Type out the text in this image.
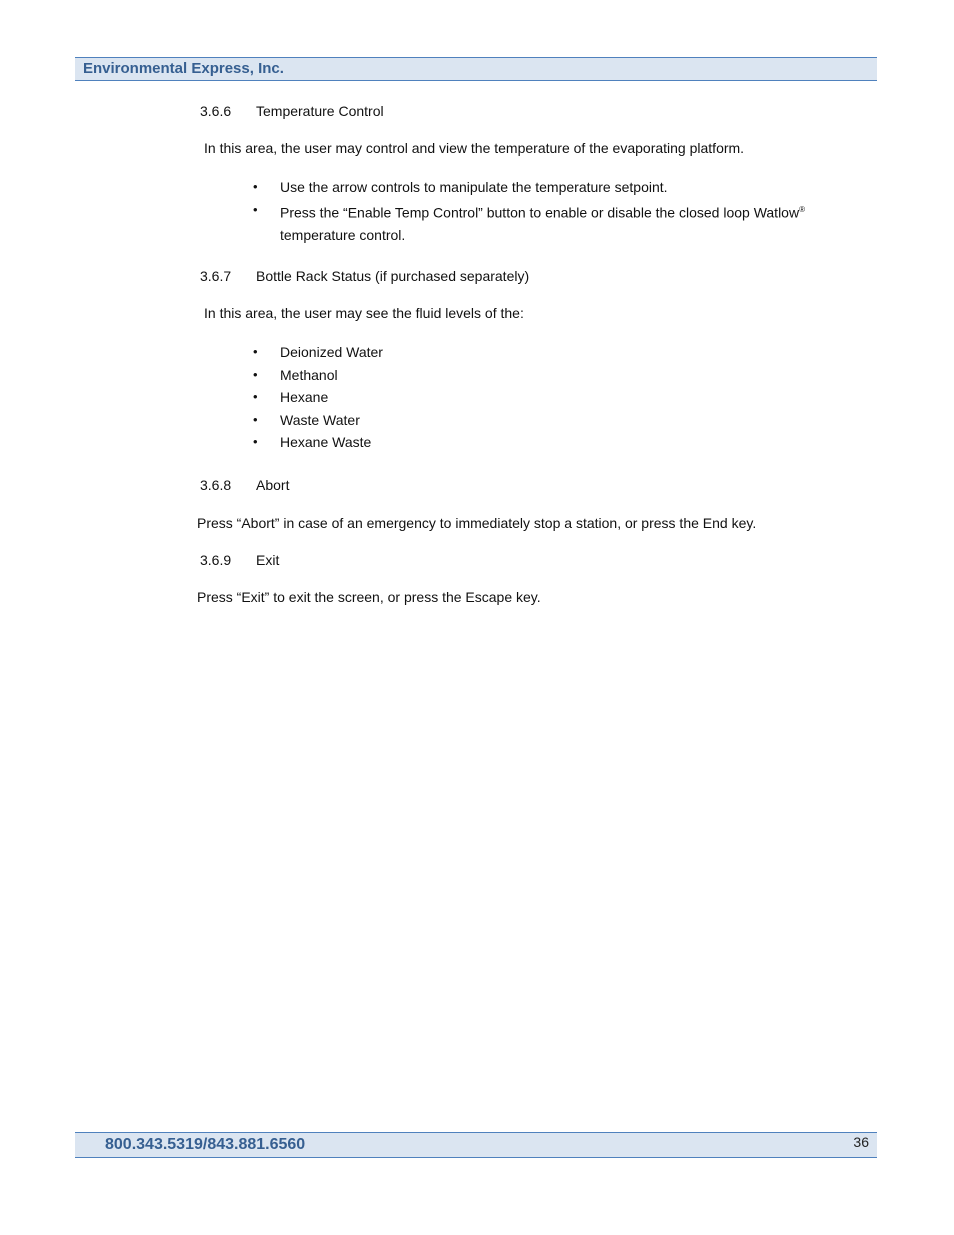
Environmental Express, Inc.
3.6.6 Temperature Control
In this area, the user may control and view the temperature of the evaporating platform.
• Use the arrow controls to manipulate the temperature setpoint.
• Press the “Enable Temp Control” button to enable or disable the closed loop Watlow®
temperature control.
3.6.7 Bottle Rack Status (if purchased separately)
In this area, the user may see the fluid levels of the:
• Deionized Water
• Methanol
• Hexane
• Waste Water
• Hexane Waste
3.6.8 Abort
Press “Abort” in case of an emergency to immediately stop a station, or press the End key.
3.6.9 Exit
Press “Exit” to exit the screen, or press the Escape key.
800.343.5319/843.881.6560	36
